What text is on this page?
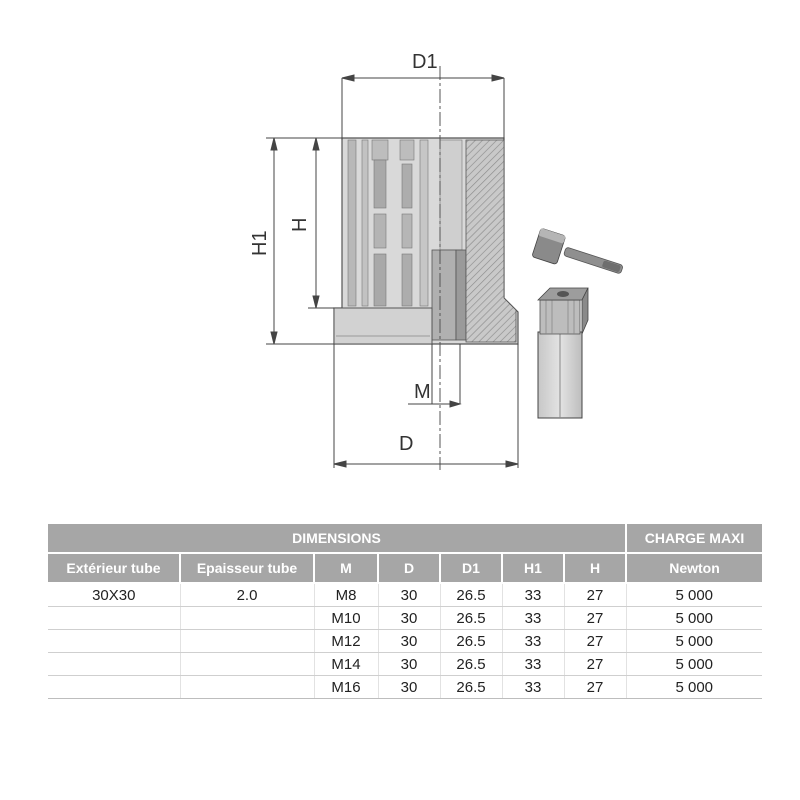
D1
H1
H
M
D
DIMENSIONS							CHARGE MAXI
Extérieur tube	Epaisseur tube	M	D	D1	H1	H	Newton
30X30	2.0	M8	30	26.5	33	27	5 000
		M10	30	26.5	33	27	5 000
		M12	30	26.5	33	27	5 000
		M14	30	26.5	33	27	5 000
		M16	30	26.5	33	27	5 000
